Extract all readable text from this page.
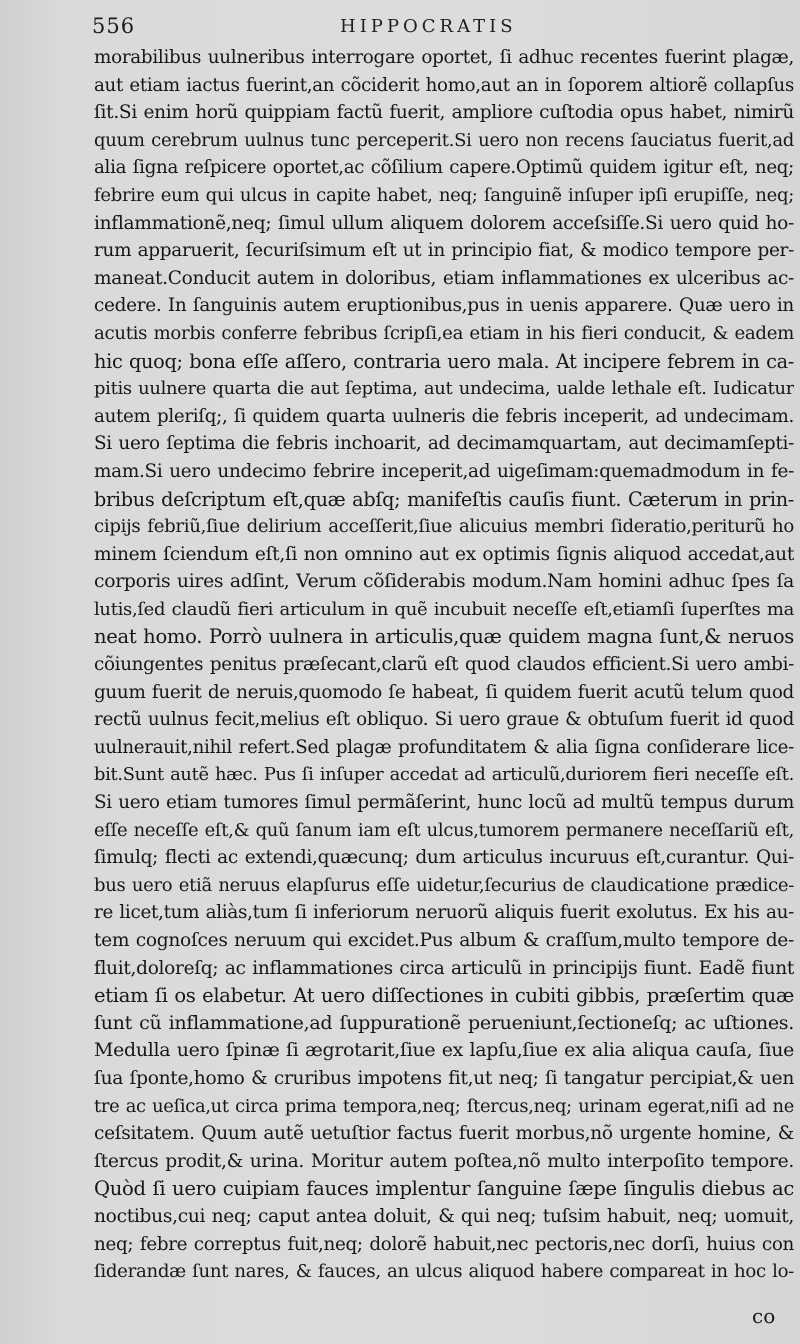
556	HIPPOCRATIS
morabilibus uulneribus interrogare oportet, ſi adhuc recentes fuerint plagæ,
aut etiam iactus fuerint,an cõciderit homo,aut an in ſoporem altiorẽ collapſus
ſit.Si enim horũ quippiam factũ fuerit, ampliore cuſtodia opus habet, nimirũ
quum cerebrum uulnus tunc perceperit.Si uero non recens ſauciatus fuerit,ad
alia ſigna reſpicere oportet,ac cõſilium capere.Optimũ quidem igitur eſt, neq;
febrire eum qui ulcus in capite habet, neq; ſanguinẽ inſuper ipſi erupiſſe, neq;
inflammationẽ,neq; ſimul ullum aliquem dolorem acceſsiſſe.Si uero quid ho-
rum apparuerit, ſecuriſsimum eſt ut in principio fiat, & modico tempore per-
maneat.Conducit autem in doloribus, etiam inflammationes ex ulceribus ac-
cedere. In ſanguinis autem eruptionibus,pus in uenis apparere. Quæ uero in
acutis morbis conferre febribus ſcripſi,ea etiam in his fieri conducit, & eadem
hic quoq; bona eſſe aſſero, contraria uero mala. At incipere febrem in ca-
pitis uulnere quarta die aut ſeptima, aut undecima, ualde lethale eſt. Iudicatur
autem pleriſq;, ſi quidem quarta uulneris die febris inceperit, ad undecimam.
Si uero ſeptima die febris inchoarit, ad decimamquartam, aut decimamſepti-
mam.Si uero undecimo febrire inceperit,ad uigeſimam:quemadmodum in fe-
bribus deſcriptum eſt,quæ abſq; manifeſtis cauſis fiunt. Cæterum in prin-
cipijs febriũ,ſiue delirium acceſſerit,ſiue alicuius membri ſideratio,periturũ ho
minem ſciendum eſt,ſi non omnino aut ex optimis ſignis aliquod accedat,aut
corporis uires adſint, Verum cõſiderabis modum.Nam homini adhuc ſpes ſa
lutis,ſed claudũ fieri articulum in quẽ incubuit neceſſe eſt,etiamſi ſuperſtes ma
neat homo. Porrò uulnera in articulis,quæ quidem magna ſunt,& neruos
cõiungentes penitus præſecant,clarũ eſt quod claudos efficient.Si uero ambi-
guum fuerit de neruis,quomodo ſe habeat, ſi quidem fuerit acutũ telum quod
rectũ uulnus fecit,melius eſt obliquo. Si uero graue & obtuſum fuerit id quod
uulnerauit,nihil refert.Sed plagæ profunditatem & alia ſigna conſiderare lice-
bit.Sunt autẽ hæc. Pus ſi inſuper accedat ad articulũ,duriorem fieri neceſſe eſt.
Si uero etiam tumores ſimul permãſerint, hunc locũ ad multũ tempus durum
eſſe neceſſe eſt,& quũ ſanum iam eſt ulcus,tumorem permanere neceſſariũ eſt,
ſimulq; flecti ac extendi,quæcunq; dum articulus incuruus eſt,curantur. Qui-
bus uero etiã neruus elapſurus eſſe uidetur,ſecurius de claudicatione prædice-
re licet,tum aliàs,tum ſi inferiorum neruorũ aliquis fuerit exolutus. Ex his au-
tem cognoſces neruum qui excidet.Pus album & craſſum,multo tempore de-
fluit,doloreſq; ac inflammationes circa articulũ in principijs fiunt. Eadẽ fiunt
etiam ſi os elabetur. At uero diſſectiones in cubiti gibbis, præſertim quæ
ſunt cũ inflammatione,ad ſuppurationẽ perueniunt,ſectioneſq; ac uſtiones.
Medulla uero ſpinæ ſi ægrotarit,ſiue ex lapſu,ſiue ex alia aliqua cauſa, ſiue
ſua ſponte,homo & cruribus impotens fit,ut neq; ſi tangatur percipiat,& uen
tre ac ueſica,ut circa prima tempora,neq; ſtercus,neq; urinam egerat,niſi ad ne
ceſsitatem. Quum autẽ uetuſtior factus fuerit morbus,nõ urgente homine, &
ſtercus prodit,& urina. Moritur autem poſtea,nõ multo interpoſito tempore.
Quòd ſi uero cuipiam fauces implentur ſanguine ſæpe ſingulis diebus ac
noctibus,cui neq; caput antea doluit, & qui neq; tuſsim habuit, neq; uomuit,
neq; febre correptus fuit,neq; dolorẽ habuit,nec pectoris,nec dorſi, huius con
ſiderandæ ſunt nares, & fauces, an ulcus aliquod habere compareat in hoc lo-
co
